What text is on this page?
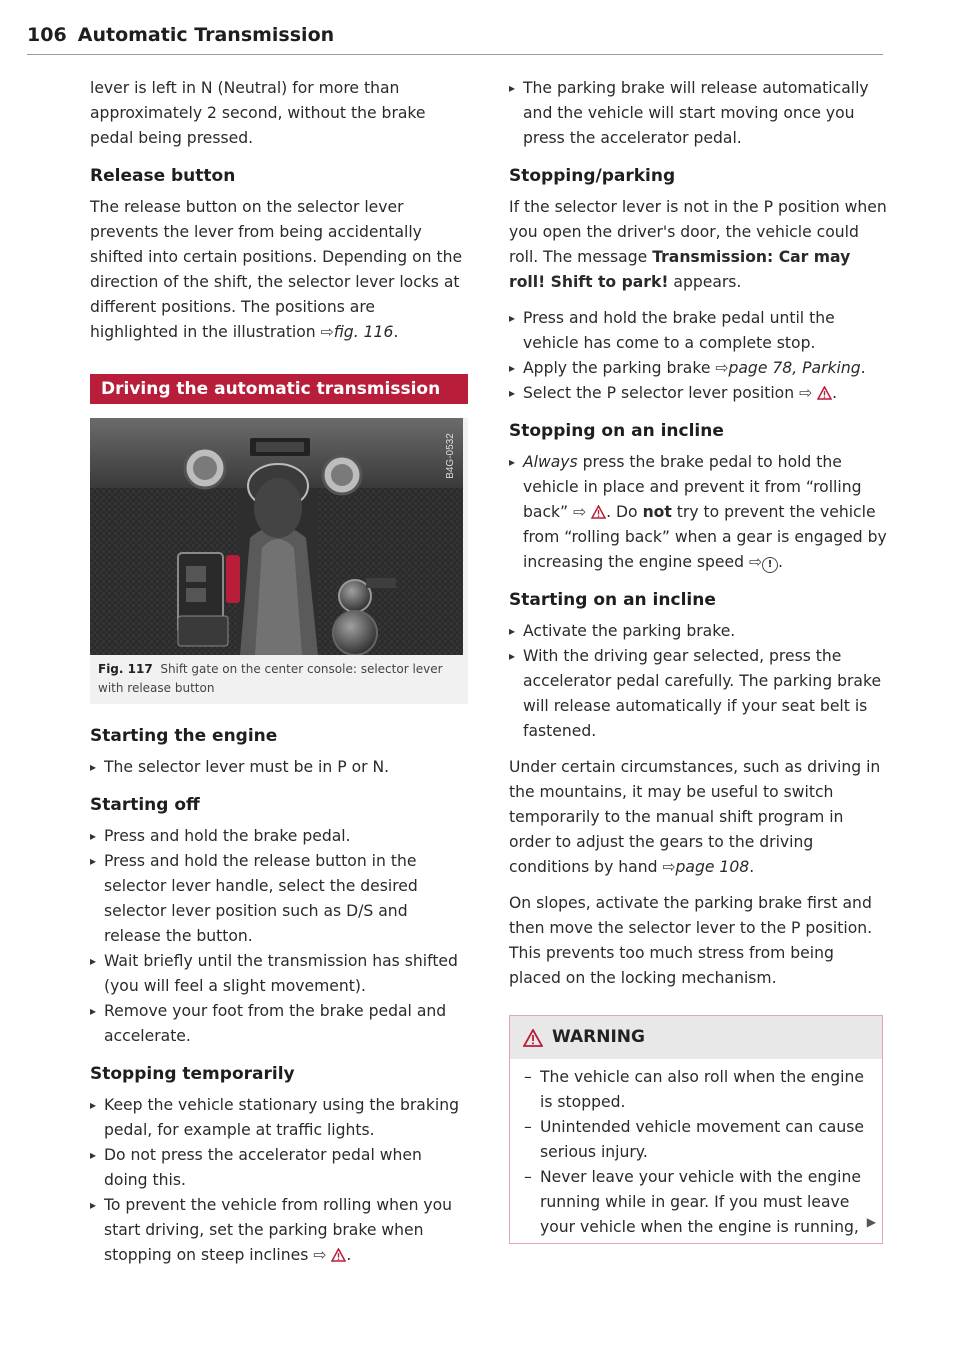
106 Automatic Transmission

lever is left in N (Neutral) for more than approximately 2 second, without the brake pedal being pressed.

Release button

The release button on the selector lever prevents the lever from being accidentally shifted into certain positions. Depending on the direction of the shift, the selector lever locks at different positions. The positions are highlighted in the illustration ⇨fig. 116.

Driving the automatic transmission
B4G-0532
Fig. 117 Shift gate on the center console: selector lever with release button
Starting the engine
▸ The selector lever must be in P or N.
Starting off
▸ Press and hold the brake pedal.
▸ Press and hold the release button in the selector lever handle, select the desired selector lever position such as D/S and release the button.
▸ Wait briefly until the transmission has shifted (you will feel a slight movement).
▸ Remove your foot from the brake pedal and accelerate.
Stopping temporarily
▸ Keep the vehicle stationary using the braking pedal, for example at traffic lights.
▸ Do not press the accelerator pedal when doing this.
▸ To prevent the vehicle from rolling when you start driving, set the parking brake when stopping on steep inclines ⇨ .
▸ The parking brake will release automatically and the vehicle will start moving once you press the accelerator pedal.
Stopping/parking

If the selector lever is not in the P position when you open the driver's door, the vehicle could roll. The message Transmission: Car may roll! Shift to park! appears.

▸ Press and hold the brake pedal until the vehicle has come to a complete stop.
▸ Apply the parking brake ⇨page 78, Parking.
▸ Select the P selector lever position ⇨ .
Stopping on an incline
▸ Always press the brake pedal to hold the vehicle in place and prevent it from “rolling back” ⇨ . Do not try to prevent the vehicle from “rolling back” when a gear is engaged by increasing the engine speed ⇨ ! .
Starting on an incline
▸ Activate the parking brake.
▸ With the driving gear selected, press the accelerator pedal carefully. The parking brake will release automatically if your seat belt is fastened.

Under certain circumstances, such as driving in the mountains, it may be useful to switch temporarily to the manual shift program in order to adjust the gears to the driving conditions by hand ⇨page 108.

On slopes, activate the parking brake first and then move the selector lever to the P position. This prevents too much stress from being placed on the locking mechanism.

WARNING
– The vehicle can also roll when the engine is stopped.
– Unintended vehicle movement can cause serious injury.
– Never leave your vehicle with the engine running while in gear. If you must leave your vehicle when the engine is running, ▶
